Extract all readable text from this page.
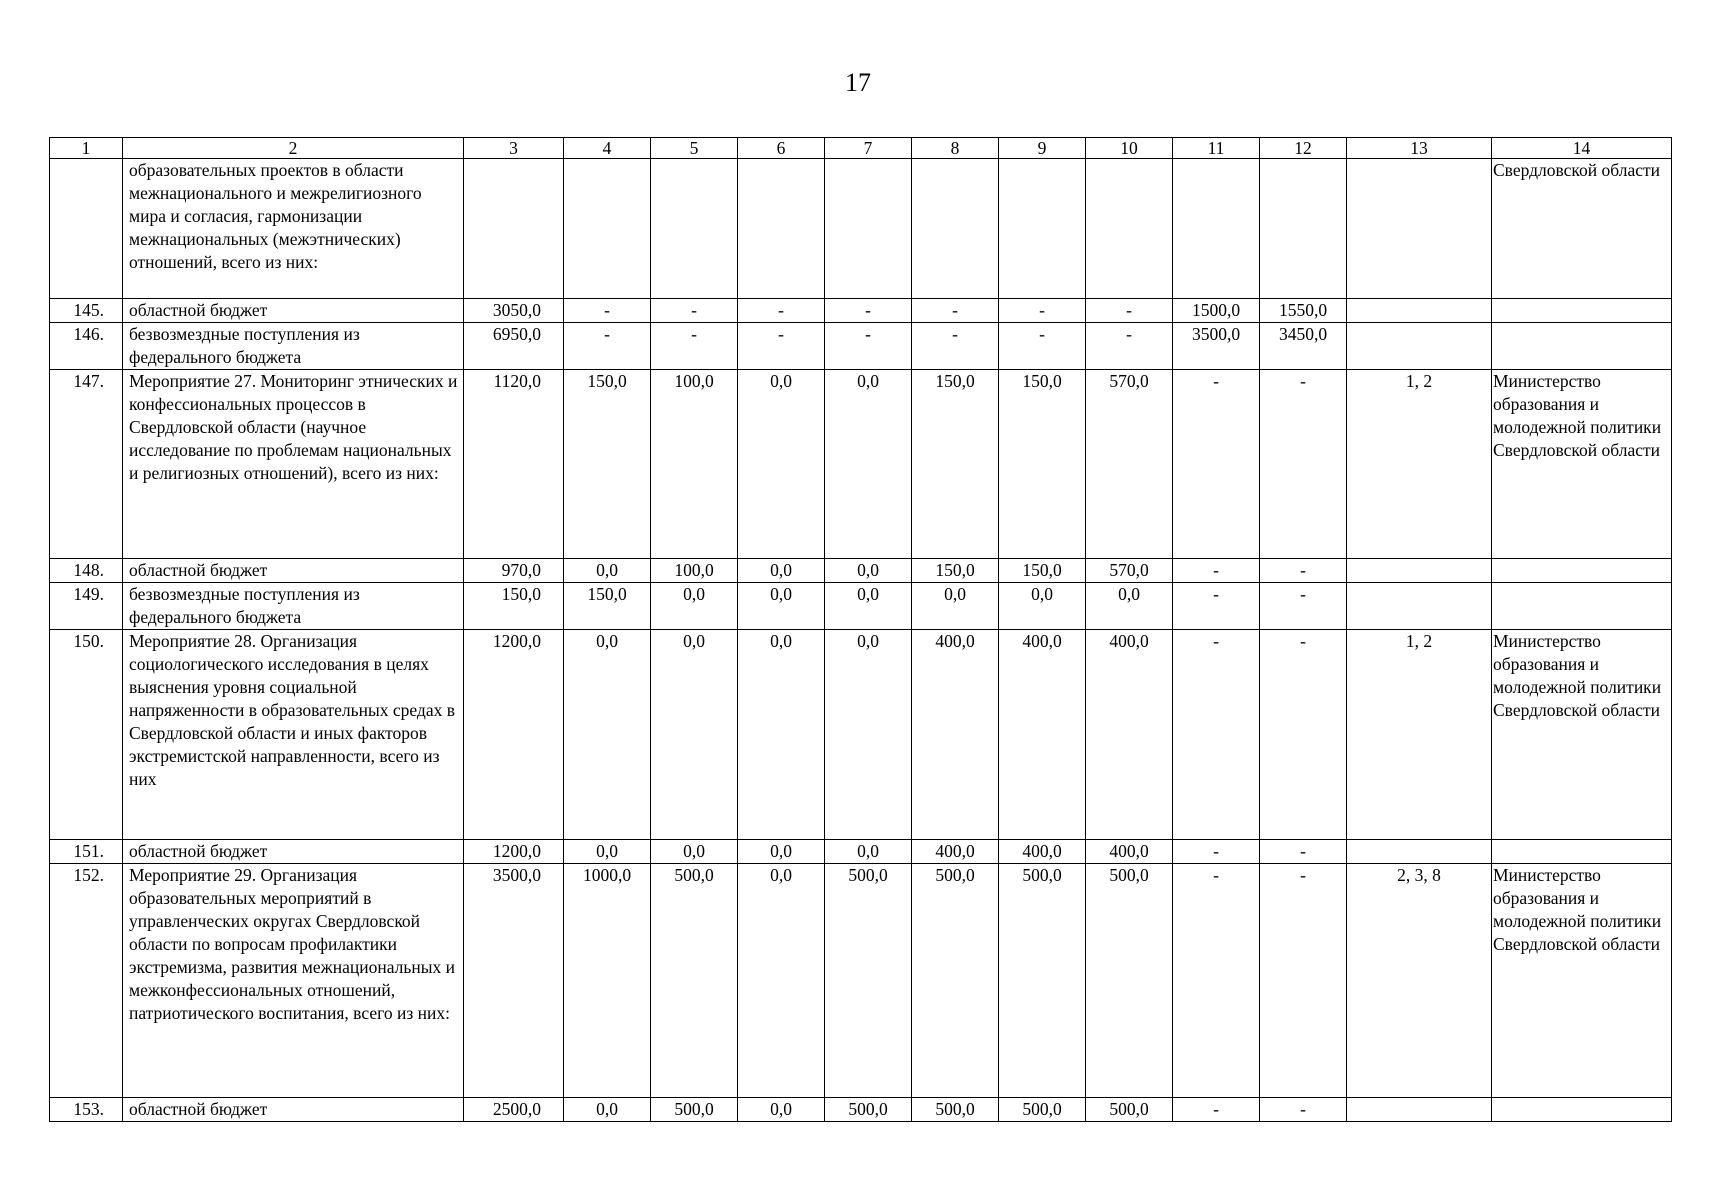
17
1	2	3	4	5	6	7	8	9	10	11	12	13	14
	образовательных проектов в области межнационального и межрелигиозного мира и согласия, гармонизации межнациональных (межэтнических) отношений, всего из них:												Свердловской области
145.	областной бюджет	3050,0	-	-	-	-	-	-	-	1500,0	1550,0		
146.	безвозмездные поступления из федерального бюджета	6950,0	-	-	-	-	-	-	-	3500,0	3450,0		
147.	Мероприятие 27. Мониторинг этнических и конфессиональных процессов в Свердловской области (научное исследование по проблемам национальных и религиозных отношений), всего из них:	1120,0	150,0	100,0	0,0	0,0	150,0	150,0	570,0	-	-	1, 2	Министерство образования и молодежной политики Свердловской области
148.	областной бюджет	970,0	0,0	100,0	0,0	0,0	150,0	150,0	570,0	-	-		
149.	безвозмездные поступления из федерального бюджета	150,0	150,0	0,0	0,0	0,0	0,0	0,0	0,0	-	-		
150.	Мероприятие 28. Организация социологического исследования в целях выяснения уровня социальной напряженности в образовательных средах в Свердловской области и иных факторов экстремистской направленности, всего из них	1200,0	0,0	0,0	0,0	0,0	400,0	400,0	400,0	-	-	1, 2	Министерство образования и молодежной политики Свердловской области
151.	областной бюджет	1200,0	0,0	0,0	0,0	0,0	400,0	400,0	400,0	-	-		
152.	Мероприятие 29. Организация образовательных мероприятий в управленческих округах Свердловской области по вопросам профилактики экстремизма, развития межнациональных и межконфессиональных отношений, патриотического воспитания, всего из них:	3500,0	1000,0	500,0	0,0	500,0	500,0	500,0	500,0	-	-	2, 3, 8	Министерство образования и молодежной политики Свердловской области
153.	областной бюджет	2500,0	0,0	500,0	0,0	500,0	500,0	500,0	500,0	-	-		
